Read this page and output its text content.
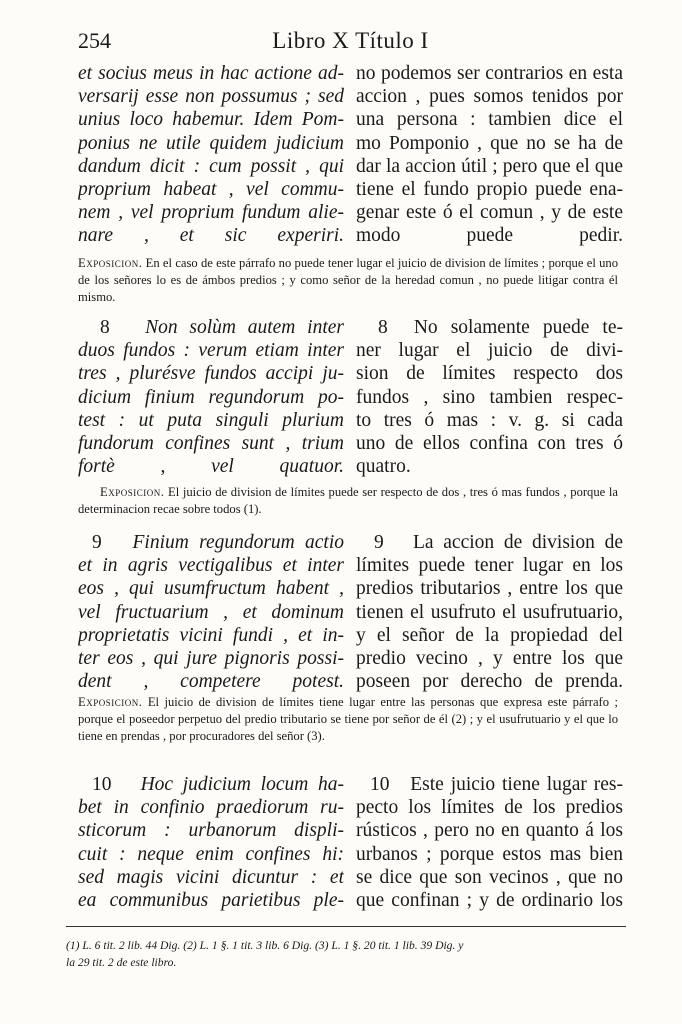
254	Libro X Título I
et socius meus in hac actione ad-
versarij esse non possumus ; sed
unius loco habemur. Idem Pom-
ponius ne utile quidem judicium
dandum dicit : cum possit , qui
proprium habeat , vel commu-
nem , vel proprium fundum alie-
nare , et sic experiri.
no podemos ser contrarios en esta
accion , pues somos tenidos por
una persona : tambien dice el
mo Pomponio , que no se ha de
dar la accion útil ; pero que el que
tiene el fundo propio puede ena-
genar este ó el comun , y de este
modo puede pedir.
Exposicion. En el caso de este párrafo no puede tener lugar el juicio de division de límites ; porque el uno de los señores lo es de ámbos predios ; y como señor de la heredad comun , no puede litigar contra él mismo.
8 Non solùm autem inter
duos fundos : verum etiam inter
tres , plurésve fundos accipi ju-
dicium finium regundorum po-
test : ut puta singuli plurium
fundorum confines sunt , trium
fortè , vel quatuor.
8 No solamente puede te-
ner lugar el juicio de divi-
sion de límites respecto dos
fundos , sino tambien respec-
to tres ó mas : v. g. si cada
uno de ellos confina con tres ó
quatro.
Exposicion. El juicio de division de límites puede ser respecto de dos , tres ó mas fundos , porque la determinacion recae sobre todos (1).
9 Finium regundorum actio
et in agris vectigalibus et inter
eos , qui usumfructum habent ,
vel fructuarium , et dominum
proprietatis vicini fundi , et in-
ter eos , qui jure pignoris possi-
dent , competere potest.
9 La accion de division de
límites puede tener lugar en los
predios tributarios , entre los que
tienen el usufruto el usufrutuario,
y el señor de la propiedad del
predio vecino , y entre los que
poseen por derecho de prenda.
Exposicion. El juicio de division de límites tiene lugar entre las personas que expresa este párrafo ; porque el poseedor perpetuo del predio tributario se tiene por señor de él (2) ; y el usufrutuario y el que lo tiene en prendas , por procuradores del señor (3).
10 Hoc judicium locum ha-
bet in confinio praediorum ru-
sticorum : urbanorum displi-
cuit : neque enim confines hi:
sed magis vicini dicuntur : et
ea communibus parietibus ple-
10 Este juicio tiene lugar res-
pecto los límites de los predios
rústicos , pero no en quanto á los
urbanos ; porque estos mas bien
se dice que son vecinos , que no
que confinan ; y de ordinario los
(1) L. 6 tit. 2 lib. 44 Dig. (2) L. 1 §. 1 tit. 3 lib. 6 Dig. (3) L. 1 §. 20 tit. 1 lib. 39 Dig. y
la 29 tit. 2 de este libro.
